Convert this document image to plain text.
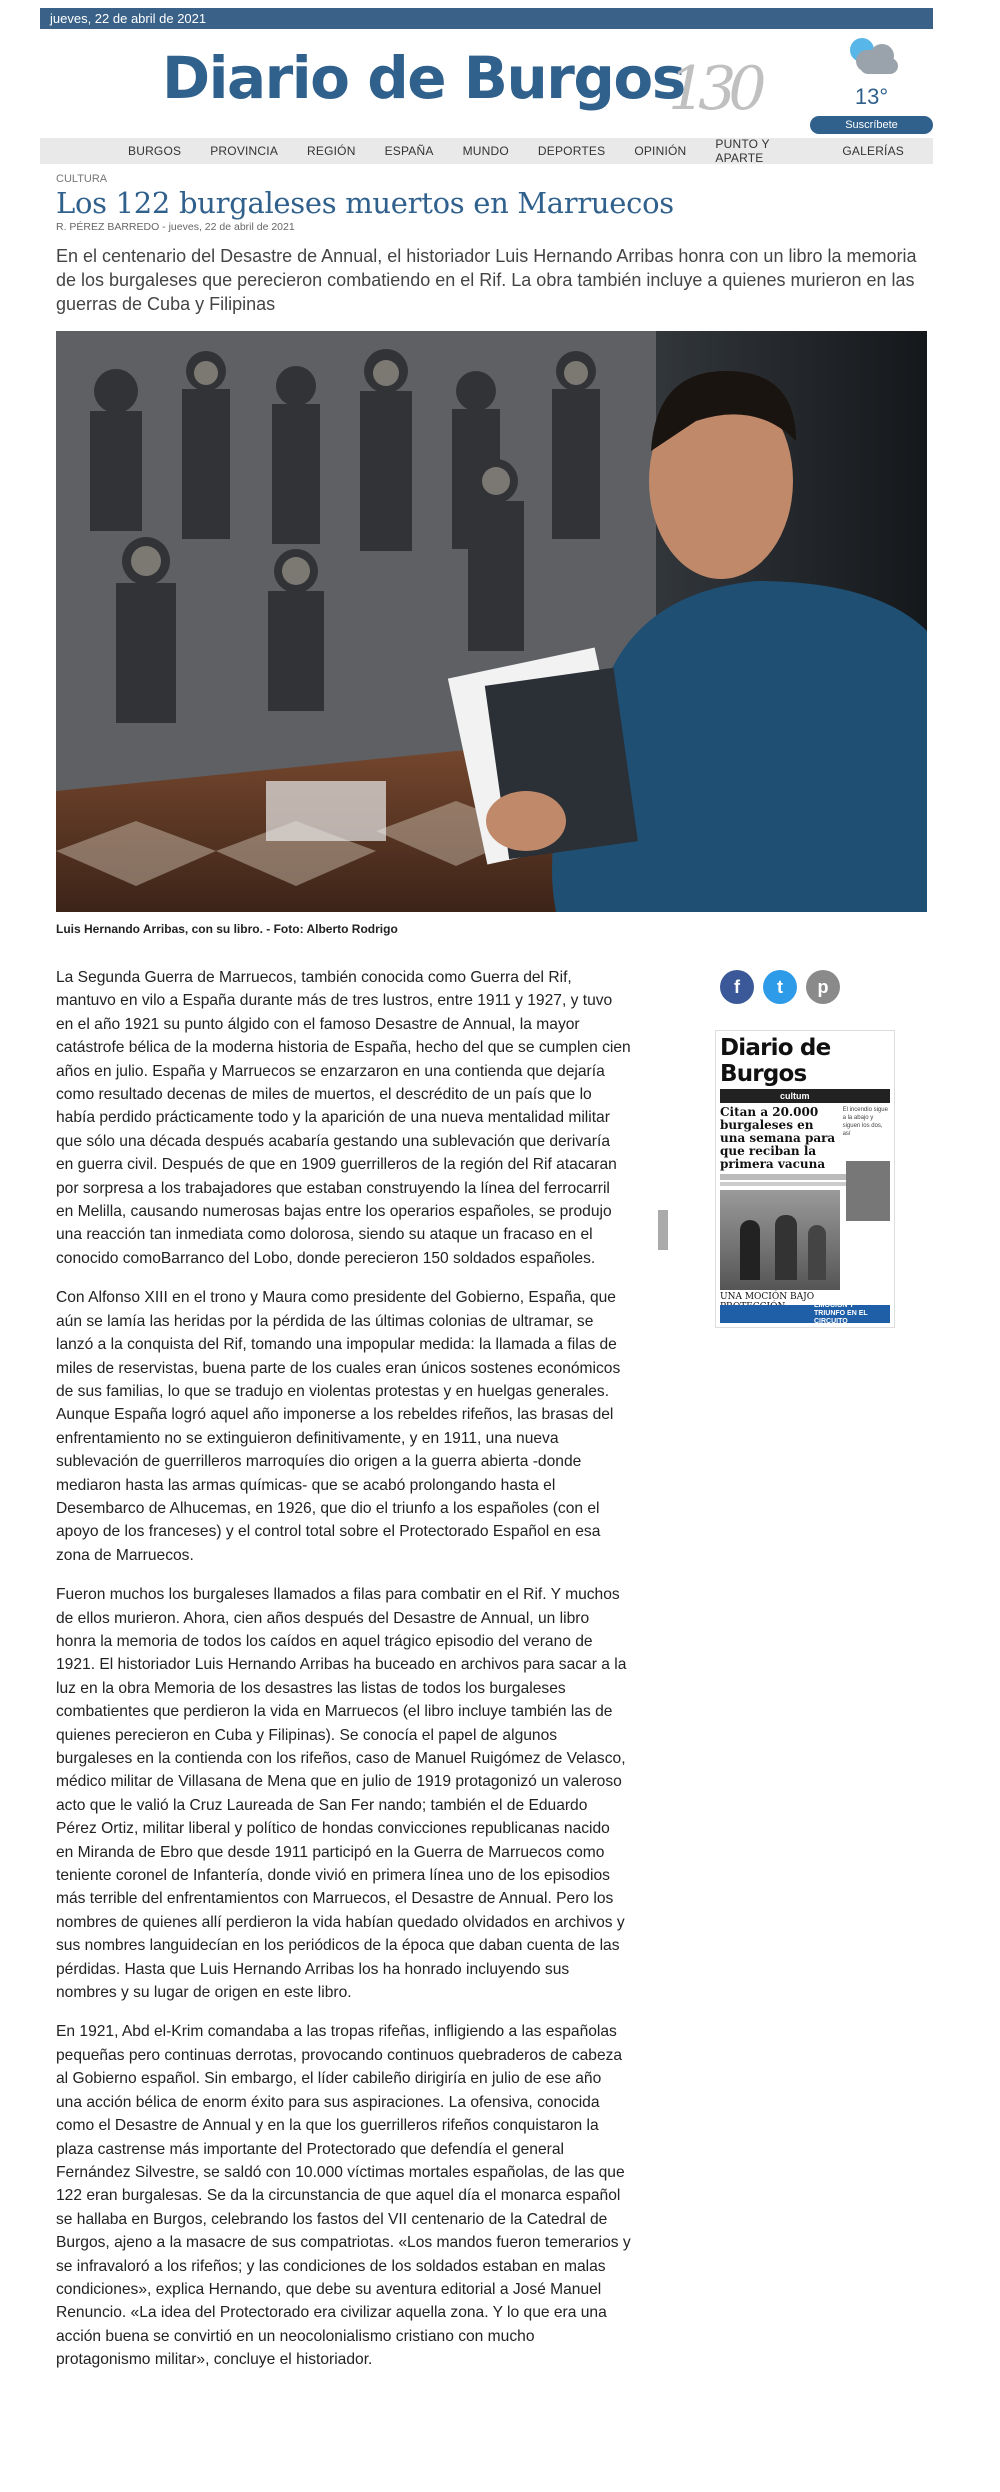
jueves, 22 de abril de 2021
Diario de Burgos
130	13°
Suscríbete
BURGOS PROVINCIA REGIÓN ESPAÑA MUNDO DEPORTES OPINIÓN PUNTO Y APARTE	GALERÍAS
CULTURA
Los 122 burgaleses muertos en Marruecos
R. PÉREZ BARREDO - jueves, 22 de abril de 2021
En el centenario del Desastre de Annual, el historiador Luis Hernando Arribas honra con un libro la memoria de los burgaleses que perecieron combatiendo en el Rif. La obra también incluye a quienes murieron en las guerras de Cuba y Filipinas
Luis Hernando Arribas, con su libro. - Foto: Alberto Rodrigo

La Segunda Guerra de Marruecos, también conocida como Guerra del Rif, mantuvo en vilo a España durante más de tres lustros, entre 1911 y 1927, y tuvo en el año 1921 su punto álgido con el famoso Desastre de Annual, la mayor catástrofe bélica de la moderna historia de España, hecho del que se cumplen cien años en julio. España y Marruecos se enzarzaron en una contienda que dejaría como resultado decenas de miles de muertos, el descrédito de un país que lo había perdido prácticamente todo y la aparición de una nueva mentalidad militar que sólo una década después acabaría gestando una sublevación que derivaría en guerra civil. Después de que en 1909 guerrilleros de la región del Rif atacaran por sorpresa a los trabajadores que estaban construyendo la línea del ferrocarril en Melilla, causando numerosas bajas entre los operarios españoles, se produjo una reacción tan inmediata como dolorosa, siendo su ataque un fracaso en el conocido comoBarranco del Lobo, donde perecieron 150 soldados españoles.

Con Alfonso XIII en el trono y Maura como presidente del Gobierno, España, que aún se lamía las heridas por la pérdida de las últimas colonias de ultramar, se lanzó a la conquista del Rif, tomando una impopular medida: la llamada a filas de miles de reservistas, buena parte de los cuales eran únicos sostenes económicos de sus familias, lo que se tradujo en violentas protestas y en huelgas generales. Aunque España logró aquel año imponerse a los rebeldes rifeños, las brasas del enfrentamiento no se extinguieron definitivamente, y en 1911, una nueva sublevación de guerrilleros marroquíes dio origen a la guerra abierta -donde mediaron hasta las armas químicas- que se acabó prolongando hasta el Desembarco de Alhucemas, en 1926, que dio el triunfo a los españoles (con el apoyo de los franceses) y el control total sobre el Protectorado Español en esa zona de Marruecos.

Fueron muchos los burgaleses llamados a filas para combatir en el Rif. Y muchos de ellos murieron. Ahora, cien años después del Desastre de Annual, un libro honra la memoria de todos los caídos en aquel trágico episodio del verano de 1921. El historiador Luis Hernando Arribas ha buceado en archivos para sacar a la luz en la obra Memoria de los desastres las listas de todos los burgaleses combatientes que perdieron la vida en Marruecos (el libro incluye también las de quienes perecieron en Cuba y Filipinas). Se conocía el papel de algunos burgaleses en la contienda con los rifeños, caso de Manuel Ruigómez de Velasco, médico militar de Villasana de Mena que en julio de 1919 protagonizó un valeroso acto que le valió la Cruz Laureada de San Fer nando; también el de Eduardo Pérez Ortiz, militar liberal y político de hondas convicciones republicanas nacido en Miranda de Ebro que desde 1911 participó en la Guerra de Marruecos como teniente coronel de Infantería, donde vivió en primera línea uno de los episodios más terrible del enfrentamientos con Marruecos, el Desastre de Annual. Pero los nombres de quienes allí perdieron la vida habían quedado olvidados en archivos y sus nombres languidecían en los periódicos de la época que daban cuenta de las pérdidas. Hasta que Luis Hernando Arribas los ha honrado incluyendo sus nombres y su lugar de origen en este libro.

En 1921, Abd el-Krim comandaba a las tropas rifeñas, infligiendo a las españolas pequeñas pero continuas derrotas, provocando continuos quebraderos de cabeza al Gobierno español. Sin embargo, el líder cabileño dirigiría en julio de ese año una acción bélica de enorm éxito para sus aspiraciones. La ofensiva, conocida como el Desastre de Annual y en la que los guerrilleros rifeños conquistaron la plaza castrense más importante del Protectorado que defendía el general Fernández Silvestre, se saldó con 10.000 víctimas mortales españolas, de las que 122 eran burgalesas. Se da la circunstancia de que aquel día el monarca español se hallaba en Burgos, celebrando los fastos del VII centenario de la Catedral de Burgos, ajeno a la masacre de sus compatriotas. «Los mandos fueron temerarios y se infravaloró a los rifeños; y las condiciones de los soldados estaban en malas condiciones», explica Hernando, que debe su aventura editorial a José Manuel Renuncio. «La idea del Protectorado era civilizar aquella zona. Y lo que era una acción buena se convirtió en un neocolonialismo cristiano con mucho protagonismo militar», concluye el historiador.

f	t	p
Diario de Burgos
cultum
Citan a 20.000 burgaleses en una semana para que reciban la primera vacuna
El incendio sigue a la abajo y siguen los dos, así
UNA MOCIÓN BAJO
EMOCIÓN Y TRIUNFO EN EL CIRCUITO
